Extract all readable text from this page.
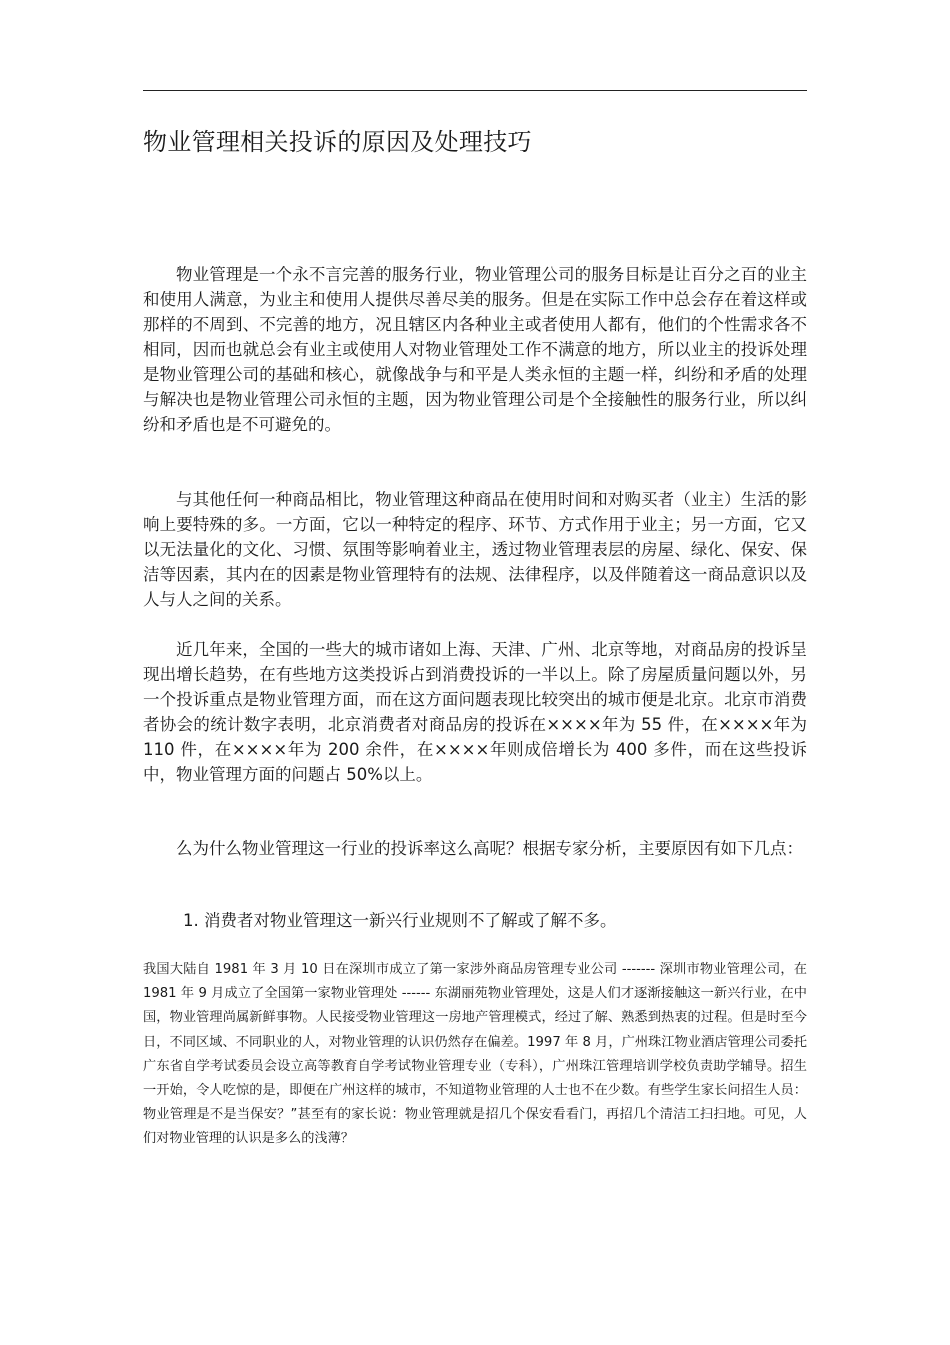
物业管理相关投诉的原因及处理技巧

物业管理是一个永不言完善的服务行业，物业管理公司的服务目标是让百分之百的业主和使用人满意，为业主和使用人提供尽善尽美的服务。但是在实际工作中总会存在着这样或那样的不周到、不完善的地方，况且辖区内各种业主或者使用人都有，他们的个性需求各不相同，因而也就总会有业主或使用人对物业管理处工作不满意的地方，所以业主的投诉处理是物业管理公司的基础和核心，就像战争与和平是人类永恒的主题一样，纠纷和矛盾的处理与解决也是物业管理公司永恒的主题，因为物业管理公司是个全接触性的服务行业，所以纠纷和矛盾也是不可避免的。

与其他任何一种商品相比，物业管理这种商品在使用时间和对购买者（业主）生活的影响上要特殊的多。一方面，它以一种特定的程序、环节、方式作用于业主；另一方面，它又以无法量化的文化、习惯、氛围等影响着业主，透过物业管理表层的房屋、绿化、保安、保洁等因素，其内在的因素是物业管理特有的法规、法律程序，以及伴随着这一商品意识以及人与人之间的关系。

近几年来，全国的一些大的城市诸如上海、天津、广州、北京等地，对商品房的投诉呈现出增长趋势，在有些地方这类投诉占到消费投诉的一半以上。除了房屋质量问题以外，另一个投诉重点是物业管理方面，而在这方面问题表现比较突出的城市便是北京。北京市消费者协会的统计数字表明，北京消费者对商品房的投诉在××××年为 55 件，在××××年为 110 件，在××××年为 200 余件，在××××年则成倍增长为 400 多件，而在这些投诉中，物业管理方面的问题占 50%以上。

么为什么物业管理这一行业的投诉率这么高呢？根据专家分析，主要原因有如下几点：

1. 消费者对物业管理这一新兴行业规则不了解或了解不多。

我国大陆自 1981 年 3 月 10 日在深圳市成立了第一家涉外商品房管理专业公司 ------- 深圳市物业管理公司，在 1981 年 9 月成立了全国第一家物业管理处 ------ 东湖丽苑物业管理处，这是人们才逐渐接触这一新兴行业，在中国，物业管理尚属新鲜事物。人民接受物业管理这一房地产管理模式，经过了解、熟悉到热衷的过程。但是时至今日，不同区域、不同职业的人，对物业管理的认识仍然存在偏差。1997 年 8 月，广州珠江物业酒店管理公司委托广东省自学考试委员会设立高等教育自学考试物业管理专业（专科），广州珠江管理培训学校负责助学辅导。招生一开始，令人吃惊的是，即便在广州这样的城市，不知道物业管理的人士也不在少数。有些学生家长问招生人员：物业管理是不是当保安？”甚至有的家长说：物业管理就是招几个保安看看门，再招几个清洁工扫扫地。可见，人们对物业管理的认识是多么的浅薄？
